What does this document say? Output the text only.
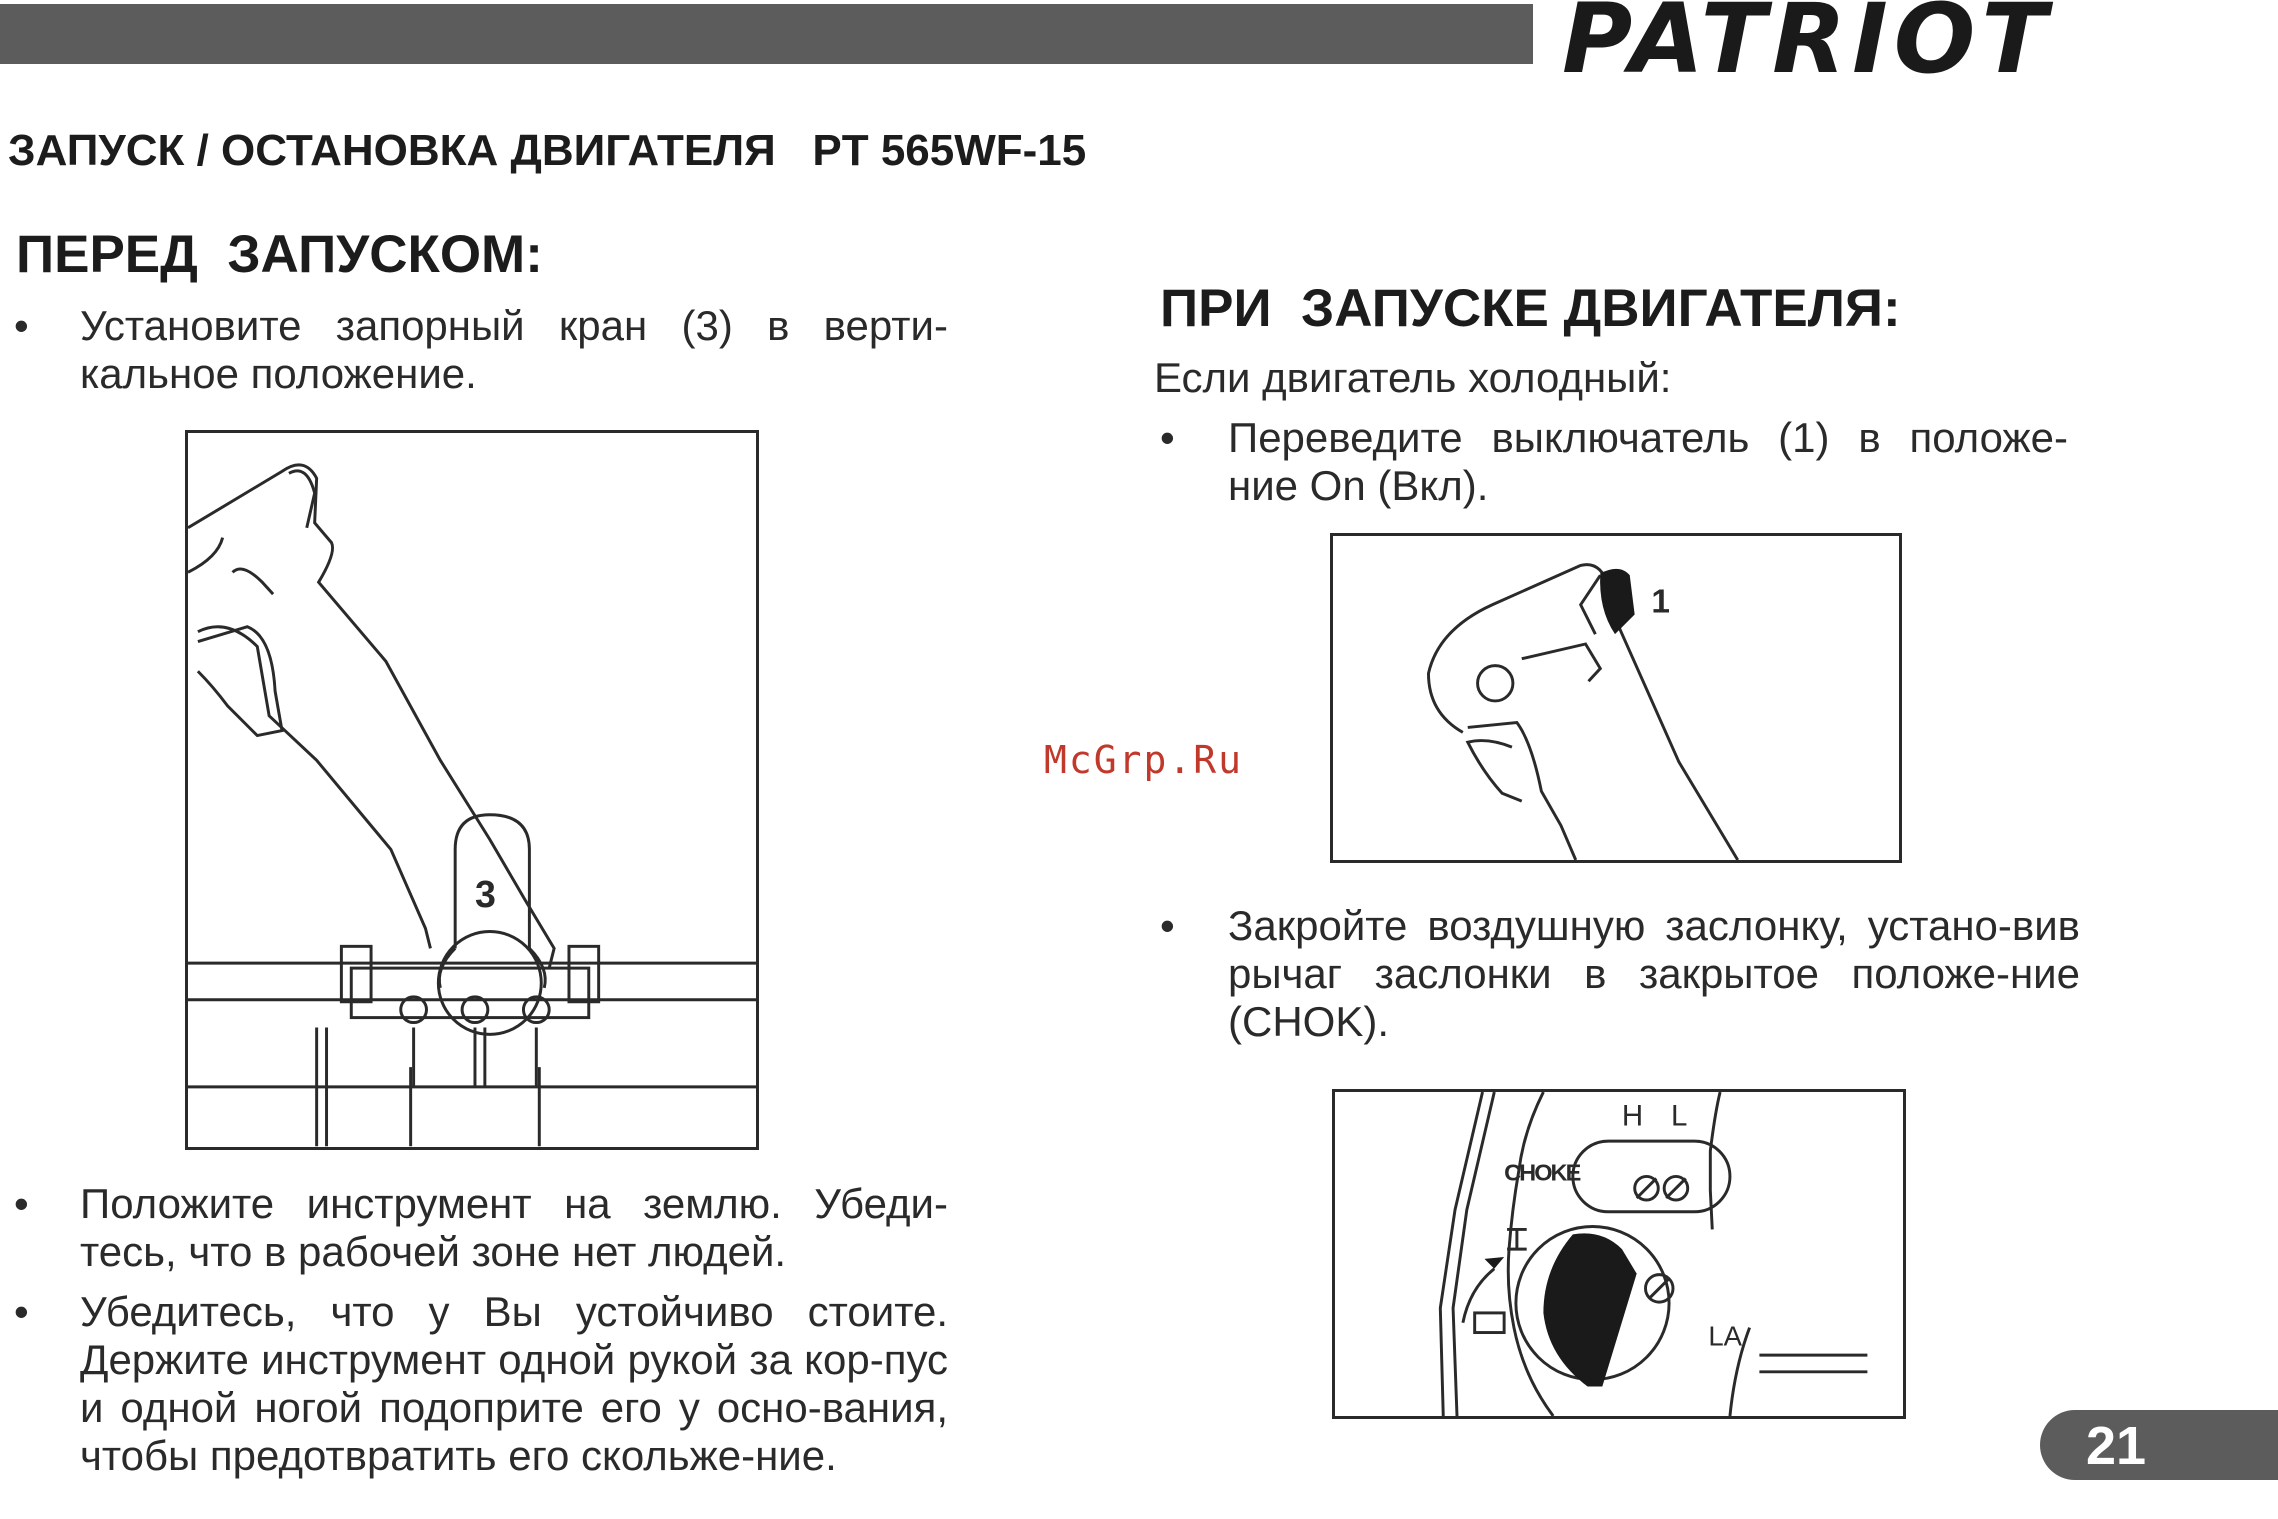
PATRIOT
ЗАПУСК / ОСТАНОВКА ДВИГАТЕЛЯ   PT 565WF-15
ПЕРЕД  ЗАПУСКОМ:
•	Установите запорный кран (3) в верти-кальное положение.
3
•	Положите инструмент на землю. Убеди-тесь, что в рабочей зоне нет людей.
•	Убедитесь, что у Вы устойчиво стоите. Держите инструмент одной рукой за кор-пус и одной ногой подоприте его у осно-вания, чтобы предотвратить его скольже-ние.
ПРИ  ЗАПУСКЕ ДВИГАТЕЛЯ:
Если двигатель холодный:
•	Переведите выключатель (1) в положе-ние On (Вкл).
1
•	Закройте воздушную заслонку, устано-вив рычаг заслонки в закрытое положе-ние (CHOK).
H L
CHOKE
LA
McGrp.Ru
21
